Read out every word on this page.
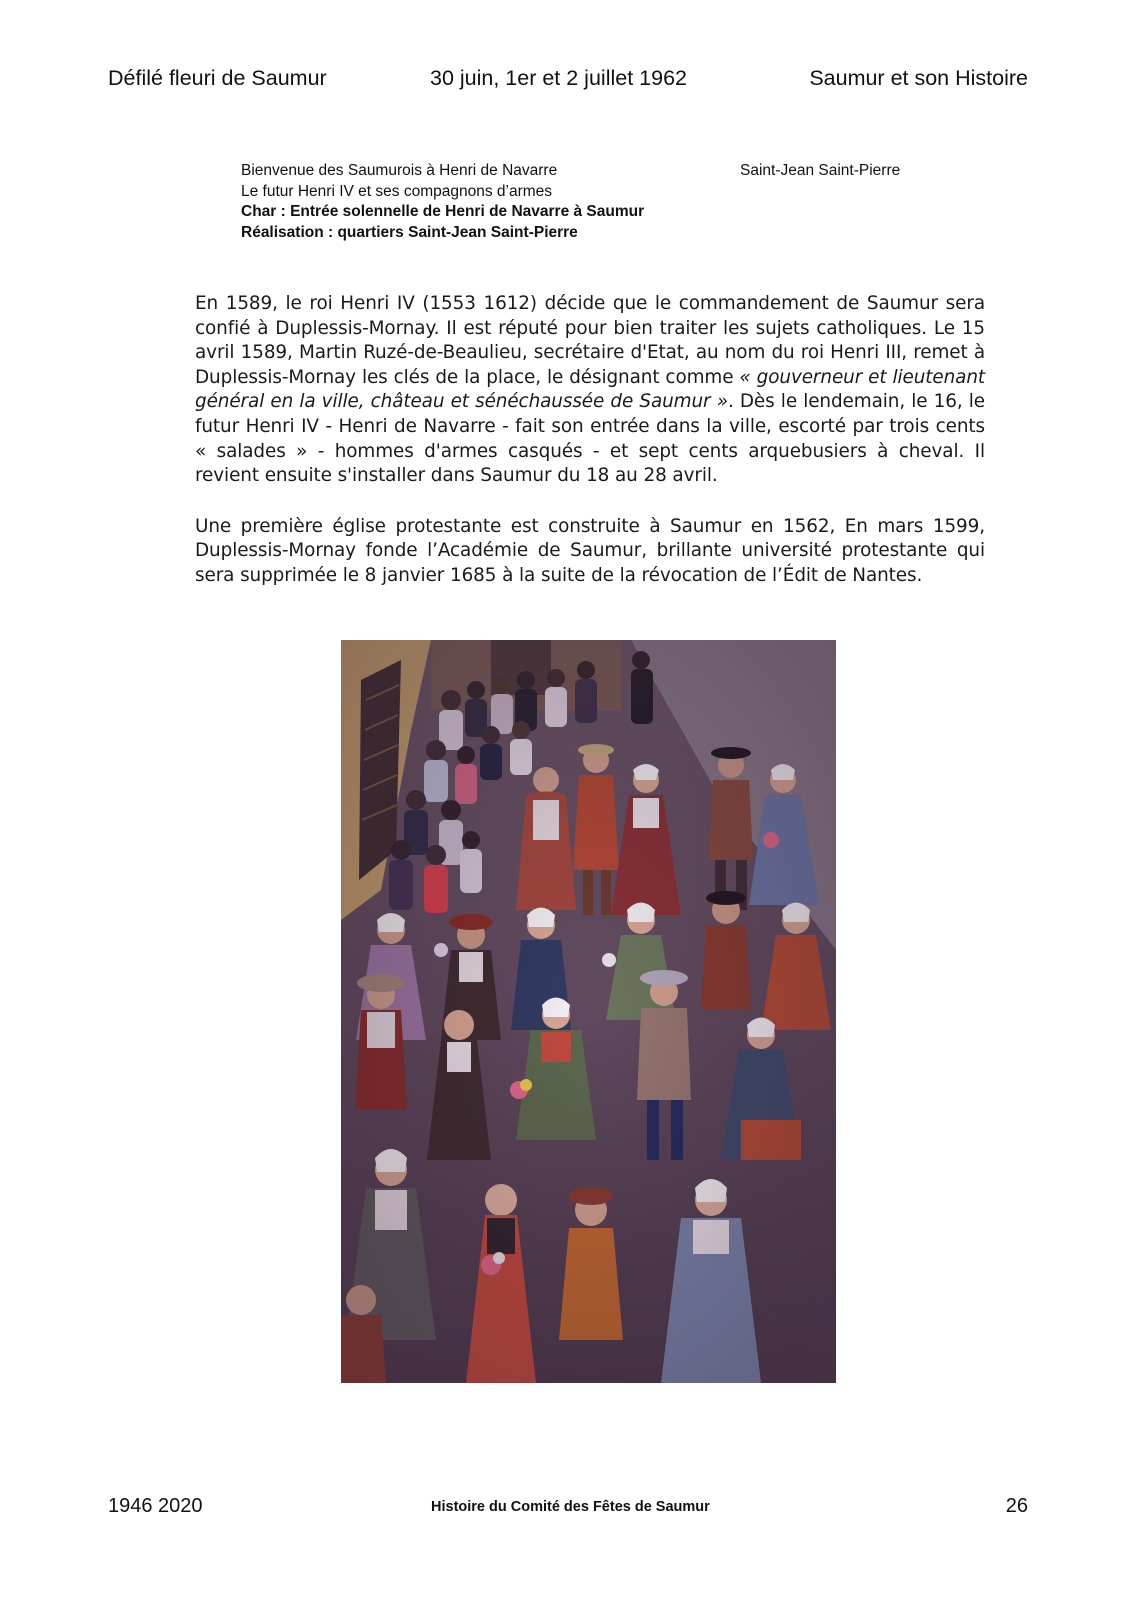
Défilé fleuri de Saumur	30 juin, 1er et 2 juillet 1962	Saumur et son Histoire
Bienvenue des Saumurois à Henri de Navarre
Le futur Henri IV et ses compagnons d’armes
Char : Entrée solennelle de Henri de Navarre à Saumur
Réalisation : quartiers Saint-Jean Saint-Pierre
Saint-Jean Saint-Pierre

En 1589, le roi Henri IV (1553 1612) décide que le commandement de Saumur sera confié à Duplessis-Mornay. Il est réputé pour bien traiter les sujets catholiques. Le 15 avril 1589, Martin Ruzé-de-Beaulieu, secrétaire d'Etat, au nom du roi Henri III, remet à Duplessis-Mornay les clés de la place, le désignant comme « gouverneur et lieutenant général en la ville, château et sénéchaussée de Saumur ». Dès le lendemain, le 16, le futur Henri IV - Henri de Navarre - fait son entrée dans la ville, escorté par trois cents « salades » - hommes d'armes casqués - et sept cents arquebusiers à cheval. Il revient ensuite s'installer dans Saumur du 18 au 28 avril.

Une première église protestante est construite à Saumur en 1562, En mars 1599, Duplessis-Mornay fonde l’Académie de Saumur, brillante université protestante qui sera supprimée le 8 janvier 1685 à la suite de la révocation de l’Édit de Nantes.

1946 2020	Histoire du Comité des Fêtes de Saumur	26
